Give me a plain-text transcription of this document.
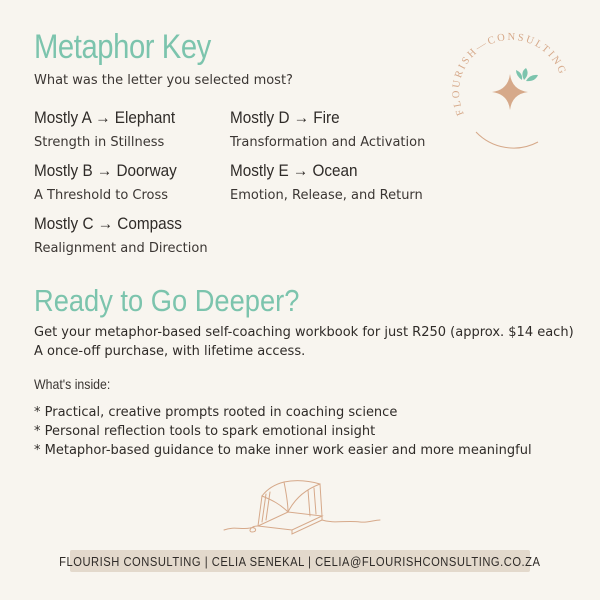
Metaphor Key
What was the letter you selected most?
Mostly A → Elephant
Strength in Stillness
Mostly B → Doorway
A Threshold to Cross
Mostly C → Compass
Realignment and Direction
Mostly D → Fire
Transformation and Activation
Mostly E → Ocean
Emotion, Release, and Return
FLOURISH—CONSULTING
Ready to Go Deeper?
Get your metaphor-based self-coaching workbook for just R250 (approx. $14 each)
A once-off purchase, with lifetime access.
What's inside:
* Practical, creative prompts rooted in coaching science
* Personal reflection tools to spark emotional insight
* Metaphor-based guidance to make inner work easier and more meaningful
FLOURISH CONSULTING | CELIA SENEKAL | CELIA@FLOURISHCONSULTING.CO.ZA
